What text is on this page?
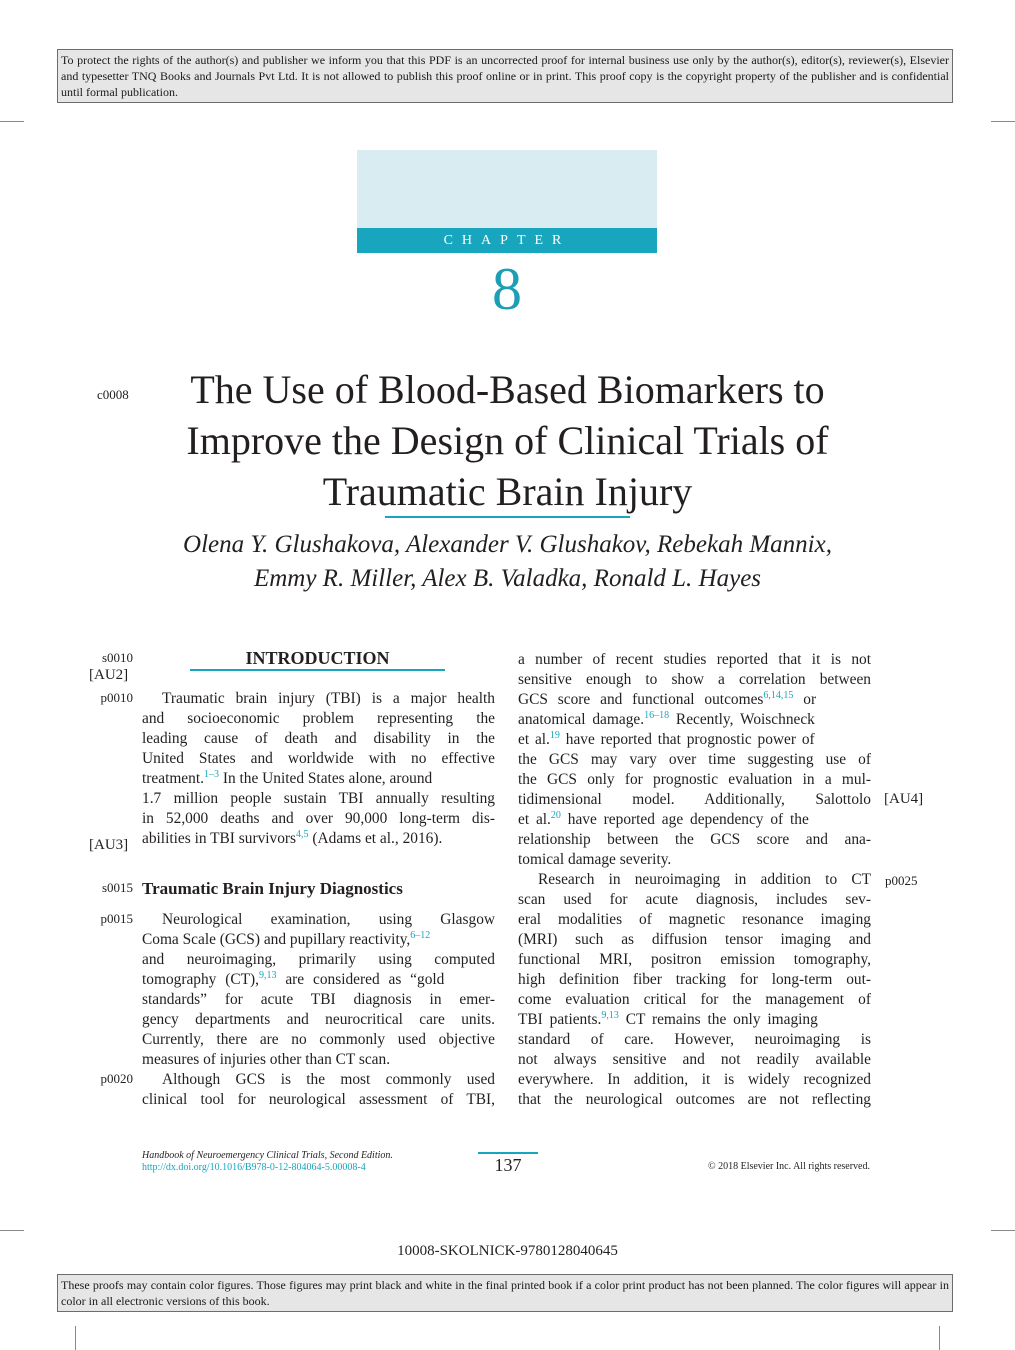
To protect the rights of the author(s) and publisher we inform you that this PDF is an uncorrected proof for internal business use only by the author(s), editor(s), reviewer(s), Elsevier and typesetter TNQ Books and Journals Pvt Ltd. It is not allowed to publish this proof online or in print. This proof copy is the copyright property of the publisher and is confidential until formal publication.
CHAPTER
8
c0008	The Use of Blood-Based Biomarkers to
Improve the Design of Clinical Trials of
Traumatic Brain Injury
Olena Y. Glushakova, Alexander V. Glushakov, Rebekah Mannix,
Emmy R. Miller, Alex B. Valadka, Ronald L. Hayes
s0010
[AU2]
p0010
[AU3]
s0015
p0015
p0020
[AU4]
p0025
INTRODUCTION
Traumatic brain injury (TBI) is a major health
and socioeconomic problem representing the
leading cause of death and disability in the
United States and worldwide with no effective
treatment.$^{1-3}$ In the United States alone, around
1.7 million people sustain TBI annually resulting
in 52,000 deaths and over 90,000 long-term dis-
abilities in TBI survivors$^{4,5}$ (Adams et al., 2016).
Traumatic Brain Injury Diagnostics
Neurological examination, using Glasgow
Coma Scale (GCS) and pupillary reactivity,$^{6-12}$
and neuroimaging, primarily using computed
tomography (CT),$^{9,13}$ are considered as “gold
standards” for acute TBI diagnosis in emer-
gency departments and neurocritical care units.
Currently, there are no commonly used objective
measures of injuries other than CT scan.
Although GCS is the most commonly used
clinical tool for neurological assessment of TBI,
a number of recent studies reported that it is not
sensitive enough to show a correlation between
GCS score and functional outcomes$^{6,14,15}$ or
anatomical damage.$^{16-18}$ Recently, Woischneck
et al.$^{19}$ have reported that prognostic power of
the GCS may vary over time suggesting use of
the GCS only for prognostic evaluation in a mul-
tidimensional model. Additionally, Salottolo
et al.$^{20}$ have reported age dependency of the
relationship between the GCS score and ana-
tomical damage severity.
Research in neuroimaging in addition to CT
scan used for acute diagnosis, includes sev-
eral modalities of magnetic resonance imaging
(MRI) such as diffusion tensor imaging and
functional MRI, positron emission tomography,
high definition fiber tracking for long-term out-
come evaluation critical for the management of
TBI patients.$^{9,13}$ CT remains the only imaging
standard of care. However, neuroimaging is
not always sensitive and not readily available
everywhere. In addition, it is widely recognized
that the neurological outcomes are not reflecting
Handbook of Neuroemergency Clinical Trials, Second Edition.
http://dx.doi.org/10.1016/B978-0-12-804064-5.00008-4	137	© 2018 Elsevier Inc. All rights reserved.
10008-SKOLNICK-9780128040645
These proofs may contain color figures. Those figures may print black and white in the final printed book if a color print product has not been planned. The color figures will appear in color in all electronic versions of this book.
